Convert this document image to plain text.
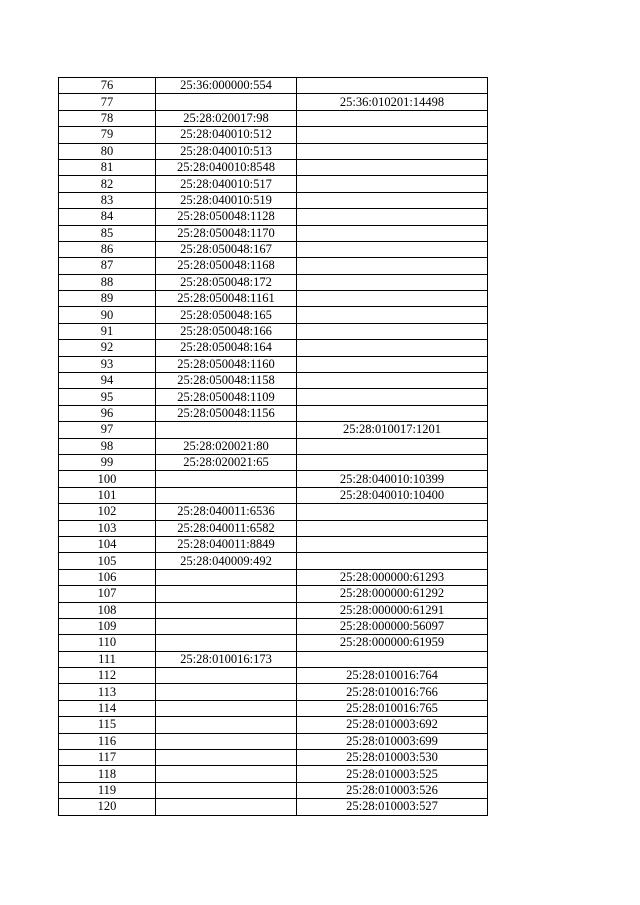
76	25:36:000000:554	
77		25:36:010201:14498
78	25:28:020017:98	
79	25:28:040010:512	
80	25:28:040010:513	
81	25:28:040010:8548	
82	25:28:040010:517	
83	25:28:040010:519	
84	25:28:050048:1128	
85	25:28:050048:1170	
86	25:28:050048:167	
87	25:28:050048:1168	
88	25:28:050048:172	
89	25:28:050048:1161	
90	25:28:050048:165	
91	25:28:050048:166	
92	25:28:050048:164	
93	25:28:050048:1160	
94	25:28:050048:1158	
95	25:28:050048:1109	
96	25:28:050048:1156	
97		25:28:010017:1201
98	25:28:020021:80	
99	25:28:020021:65	
100		25:28:040010:10399
101		25:28:040010:10400
102	25:28:040011:6536	
103	25:28:040011:6582	
104	25:28:040011:8849	
105	25:28:040009:492	
106		25:28:000000:61293
107		25:28:000000:61292
108		25:28:000000:61291
109		25:28:000000:56097
110		25:28:000000:61959
111	25:28:010016:173	
112		25:28:010016:764
113		25:28:010016:766
114		25:28:010016:765
115		25:28:010003:692
116		25:28:010003:699
117		25:28:010003:530
118		25:28:010003:525
119		25:28:010003:526
120		25:28:010003:527
